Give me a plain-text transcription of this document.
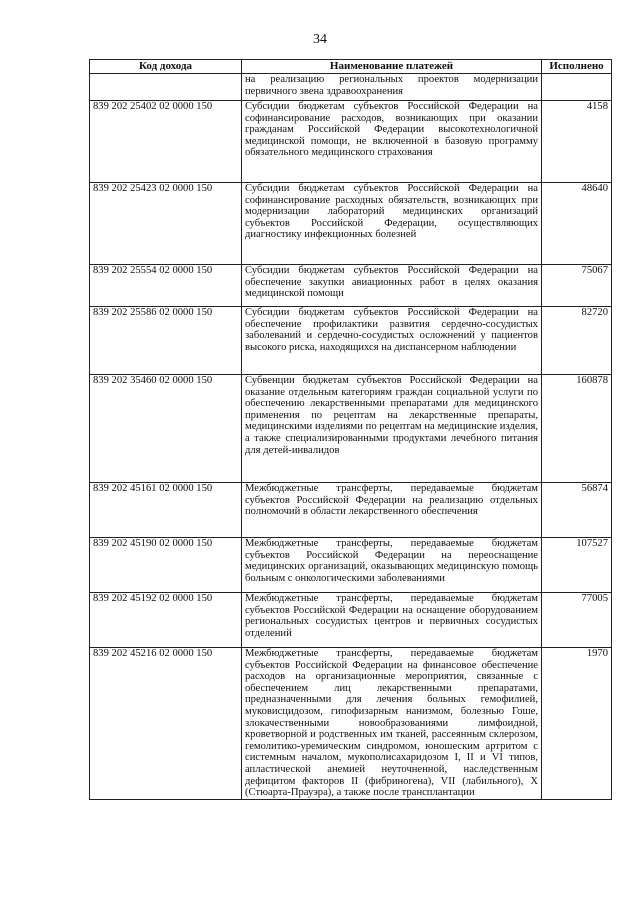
34
Код дохода	Наименование платежей	Исполнено
	на реализацию региональных проектов модернизации первичного звена здравоохранения	
839 202 25402 02 0000 150	Субсидии бюджетам субъектов Российской Федерации на софинансирование расходов, возникающих при оказании гражданам Российской Федерации высокотехнологичной медицинской помощи, не включенной в базовую программу обязательного медицинского страхования	4158
839 202 25423 02 0000 150	Субсидии бюджетам субъектов Российской Федерации на софинансирование расходных обязательств, возникающих при модернизации лабораторий медицинских организаций субъектов Российской Федерации, осуществляющих диагностику инфекционных болезней	48640
839 202 25554 02 0000 150	Субсидии бюджетам субъектов Российской Федерации на обеспечение закупки авиационных работ в целях оказания медицинской помощи	75067
839 202 25586 02 0000 150	Субсидии бюджетам субъектов Российской Федерации на обеспечение профилактики развития сердечно-сосудистых заболеваний и сердечно-сосудистых осложнений у пациентов высокого риска, находящихся на диспансерном наблюдении	82720
839 202 35460 02 0000 150	Субвенции бюджетам субъектов Российской Федерации на оказание отдельным категориям граждан социальной услуги по обеспечению лекарственными препаратами для медицинского применения по рецептам на лекарственные препараты, медицинскими изделиями по рецептам на медицинские изделия, а также специализированными продуктами лечебного питания для детей-инвалидов	160878
839 202 45161 02 0000 150	Межбюджетные трансферты, передаваемые бюджетам субъектов Российской Федерации на реализацию отдельных полномочий в области лекарственного обеспечения	56874
839 202 45190 02 0000 150	Межбюджетные трансферты, передаваемые бюджетам субъектов Российской Федерации на переоснащение медицинских организаций, оказывающих медицинскую помощь больным с онкологическими заболеваниями	107527
839 202 45192 02 0000 150	Межбюджетные трансферты, передаваемые бюджетам субъектов Российской Федерации на оснащение оборудованием региональных сосудистых центров и первичных сосудистых отделений	77005
839 202 45216 02 0000 150	Межбюджетные трансферты, передаваемые бюджетам субъектов Российской Федерации на финансовое обеспечение расходов на организационные мероприятия, связанные с обеспечением лиц лекарственными препаратами, предназначенными для лечения больных гемофилией, муковисцидозом, гипофизарным нанизмом, болезнью Гоше, злокачественными новообразованиями лимфоидной, кроветворной и родственных им тканей, рассеянным склерозом, гемолитико-уремическим синдромом, юношеским артритом с системным началом, мукополисахаридозом I, II и VI типов, апластической анемией неуточненной, наследственным дефицитом факторов II (фибриногена), VII (лабильного), X (Стюарта-Прауэра), а также после трансплантации	1970
